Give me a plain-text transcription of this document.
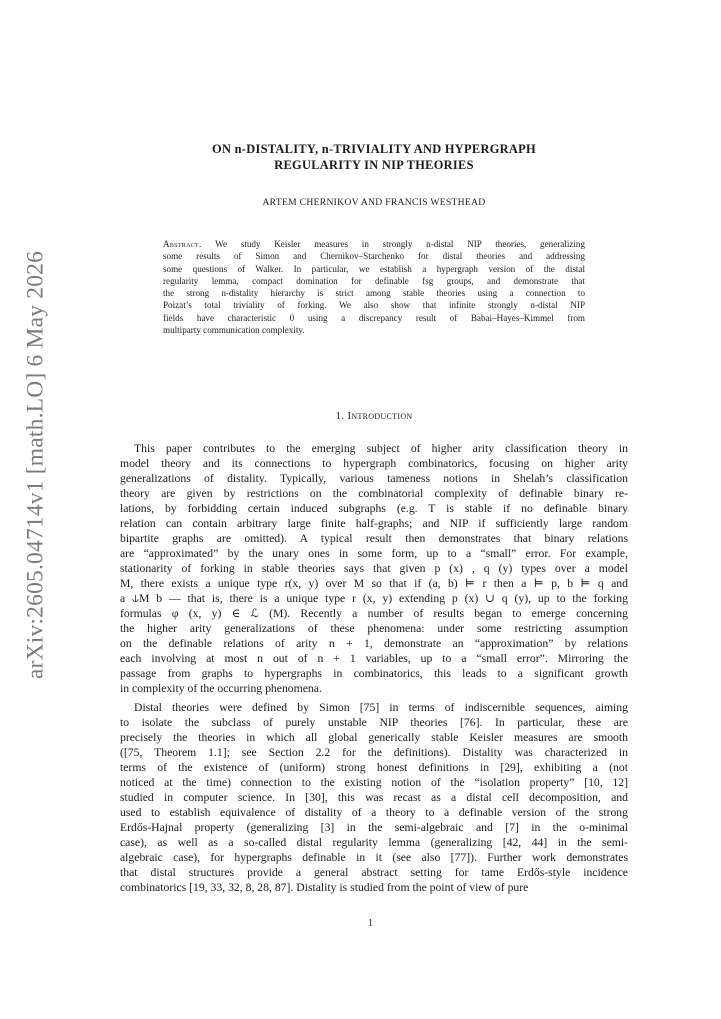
arXiv:2605.04714v1 [math.LO] 6 May 2026
ON n-DISTALITY, n-TRIVIALITY AND HYPERGRAPH
REGULARITY IN NIP THEORIES
ARTEM CHERNIKOV AND FRANCIS WESTHEAD
Abstract. We study Keisler measures in strongly n-distal NIP theories, generalizing
some results of Simon and Chernikov–Starchenko for distal theories and addressing
some questions of Walker. In particular, we establish a hypergraph version of the distal
regularity lemma, compact domination for definable fsg groups, and demonstrate that
the strong n-distality hierarchy is strict among stable theories using a connection to
Poizat’s total triviality of forking. We also show that infinite strongly n-distal NIP
fields have characteristic 0 using a discrepancy result of Babai–Hayes–Kimmel from
multiparty communication complexity.
1. Introduction
This paper contributes to the emerging subject of higher arity classification theory in
model theory and its connections to hypergraph combinatorics, focusing on higher arity
generalizations of distality. Typically, various tameness notions in Shelah’s classification
theory are given by restrictions on the combinatorial complexity of definable binary re-
lations, by forbidding certain induced subgraphs (e.g. T is stable if no definable binary
relation can contain arbitrary large finite half-graphs; and NIP if sufficiently large random
bipartite graphs are omitted). A typical result then demonstrates that binary relations
are “approximated” by the unary ones in some form, up to a “small” error. For example,
stationarity of forking in stable theories says that given p (x) , q (y) types over a model
M, there exists a unique type r(x, y) over M so that if (a, b) ⊨ r then a ⊨ p, b ⊨ q and
a ⫝M b — that is, there is a unique type r (x, y) extending p (x) ∪ q (y), up to the forking
formulas φ (x, y) ∈ ℒ (M). Recently a number of results began to emerge concerning
the higher arity generalizations of these phenomena: under some restricting assumption
on the definable relations of arity n + 1, demonstrate an “approximation” by relations
each involving at most n out of n + 1 variables, up to a “small error”. Mirroring the
passage from graphs to hypergraphs in combinatorics, this leads to a significant growth
in complexity of the occurring phenomena.
Distal theories were defined by Simon [75] in terms of indiscernible sequences, aiming
to isolate the subclass of purely unstable NIP theories [76]. In particular, these are
precisely the theories in which all global generically stable Keisler measures are smooth
([75, Theorem 1.1]; see Section 2.2 for the definitions). Distality was characterized in
terms of the existence of (uniform) strong honest definitions in [29], exhibiting a (not
noticed at the time) connection to the existing notion of the “isolation property” [10, 12]
studied in computer science. In [30], this was recast as a distal cell decomposition, and
used to establish equivalence of distality of a theory to a definable version of the strong
Erdős-Hajnal property (generalizing [3] in the semi-algebraic and [7] in the o-minimal
case), as well as a so-called distal regularity lemma (generalizing [42, 44] in the semi-
algebraic case), for hypergraphs definable in it (see also [77]). Further work demonstrates
that distal structures provide a general abstract setting for tame Erdős-style incidence
combinatorics [19, 33, 32, 8, 28, 87]. Distality is studied from the point of view of pure
1
